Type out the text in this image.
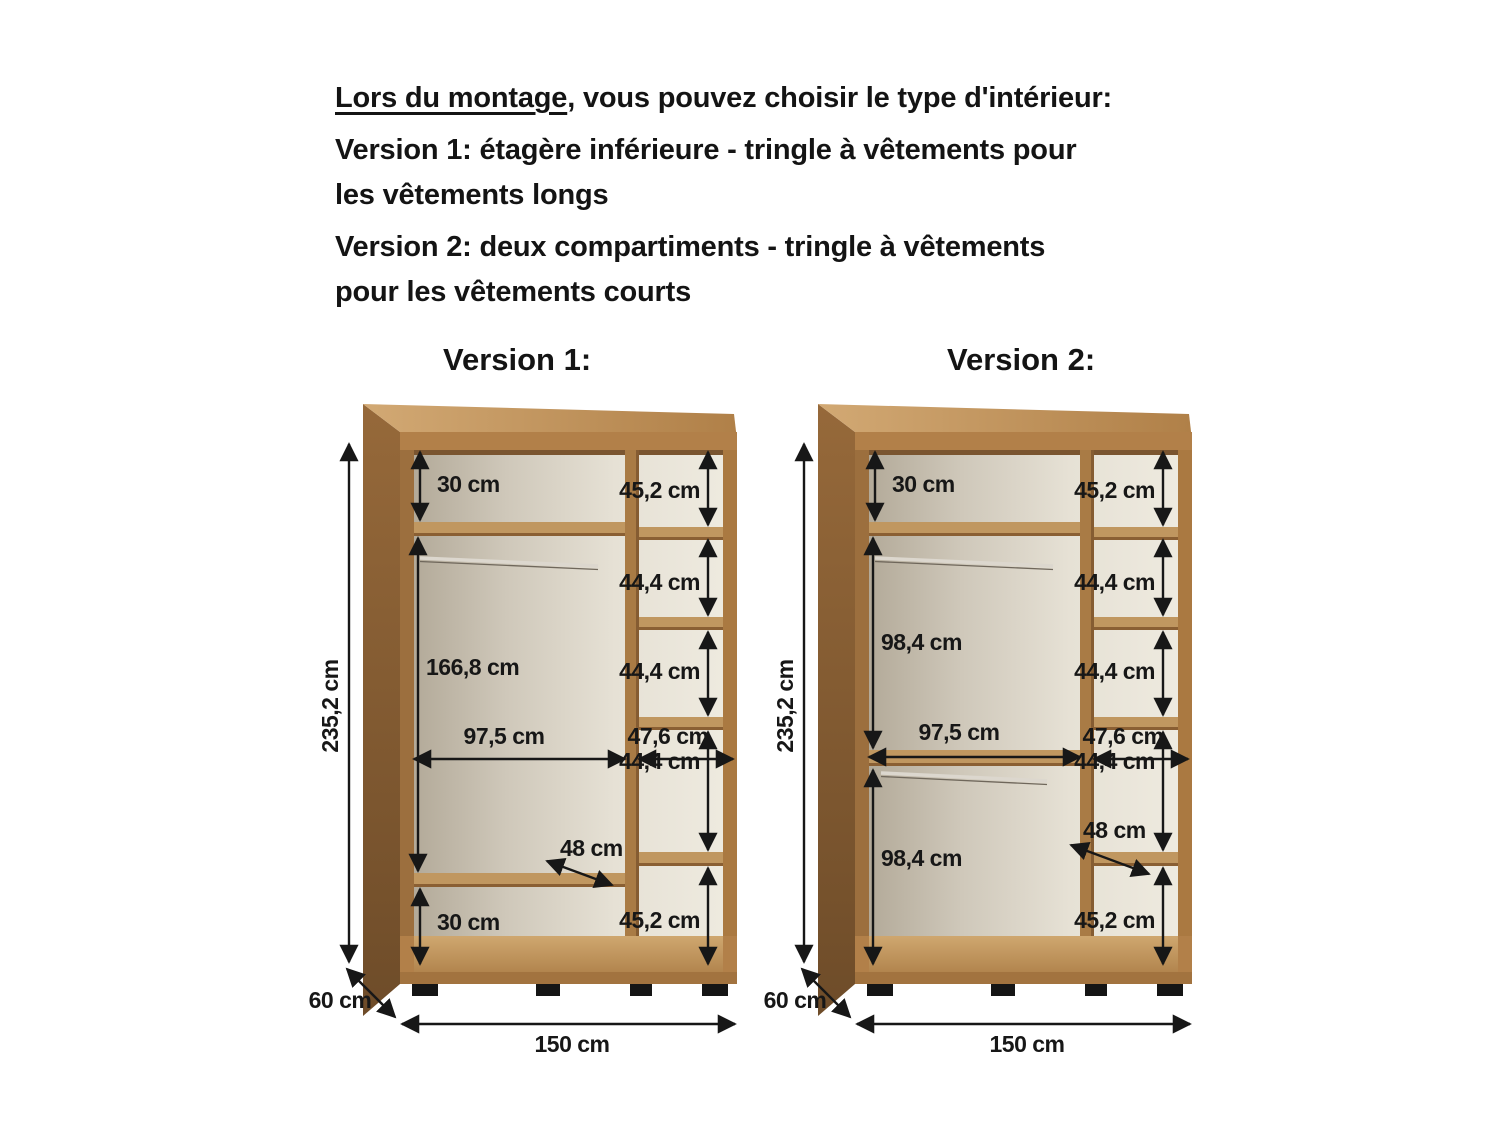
Lors du montage, vous pouvez choisir le type d'intérieur:
Version 1: étagère inférieure - tringle à vêtements pour
les vêtements longs
Version 2: deux compartiments - tringle à vêtements
pour les vêtements courts
Version 1:	Version 2:
235,2 cm
30 cm
166,8 cm
97,5 cm	47,6 cm
48 cm
30 cm
45,2 cm
44,4 cm
44,4 cm
44,4 cm
45,2 cm
150 cm
60 cm
235,2 cm
30 cm
98,4 cm
97,5 cm
98,4 cm
47,6 cm
48 cm
45,2 cm
44,4 cm
44,4 cm
44,4 cm
45,2 cm
150 cm
60 cm
